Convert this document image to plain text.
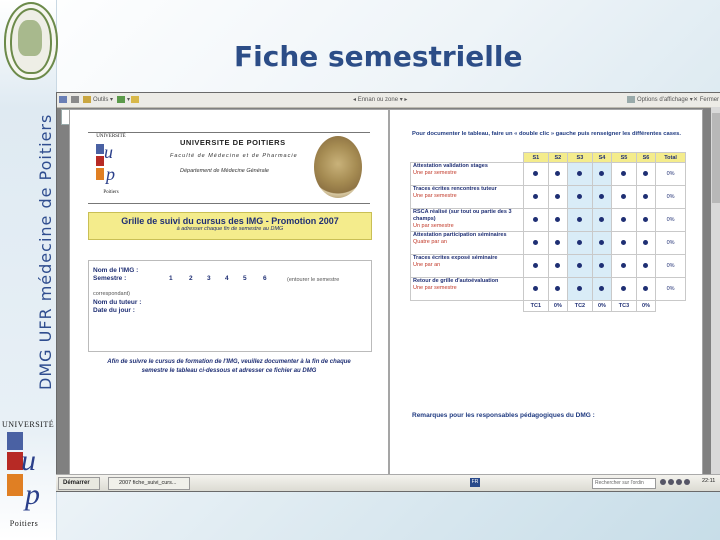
DMG UFR médecine de Poitiers
UNIVERSITÉ
u
p
Poitiers
Fiche semestrielle
Outils ▾	▾	◂ Ennan ou zone ▾ ▸	Options d'affichage ▾ ✕ Fermer
UNIVERSITÉ
u
p
Poitiers
UNIVERSITE DE POITIERS
Faculté de Médecine et de Pharmacie
Département de Médecine Générale
Grille de suivi du cursus des IMG - Promotion 2007
à adresser chaque fin de semestre au DMG
Nom de l'IMG :
Semestre :	1	2 3 4 5	6	(entourer le semestre
correspondant)
Nom du tuteur :
Date du jour :
Afin de suivre le cursus de formation de l'IMG, veuillez documenter à la fin de chaque semestre le tableau ci-dessous et adresser ce fichier au DMG
Pour documenter le tableau, faire un « double clic » gauche puis renseigner les différentes cases.
	S1	S2	S3	S4	S5	S6	Total

Attestation validation stages
Une par semestre							0%

Traces écrites rencontres tuteur
Une par semestre							0%

RSCA réalisé (sur tout ou partie des 3 champs)
Un par semestre							0%

Attestation participation séminaires
Quatre par an							0%

Traces écrites exposé séminaire
Une par an							0%

Retour de grille d'autoévaluation
Une par semestre							0%
	TC1	0%	TC2	0%	TC3	0%	
Remarques pour les responsables pédagogiques du DMG :
Démarrer	2007 fiche_suivi_curs...	FR	Rechercher sur l'ordin	22:11
